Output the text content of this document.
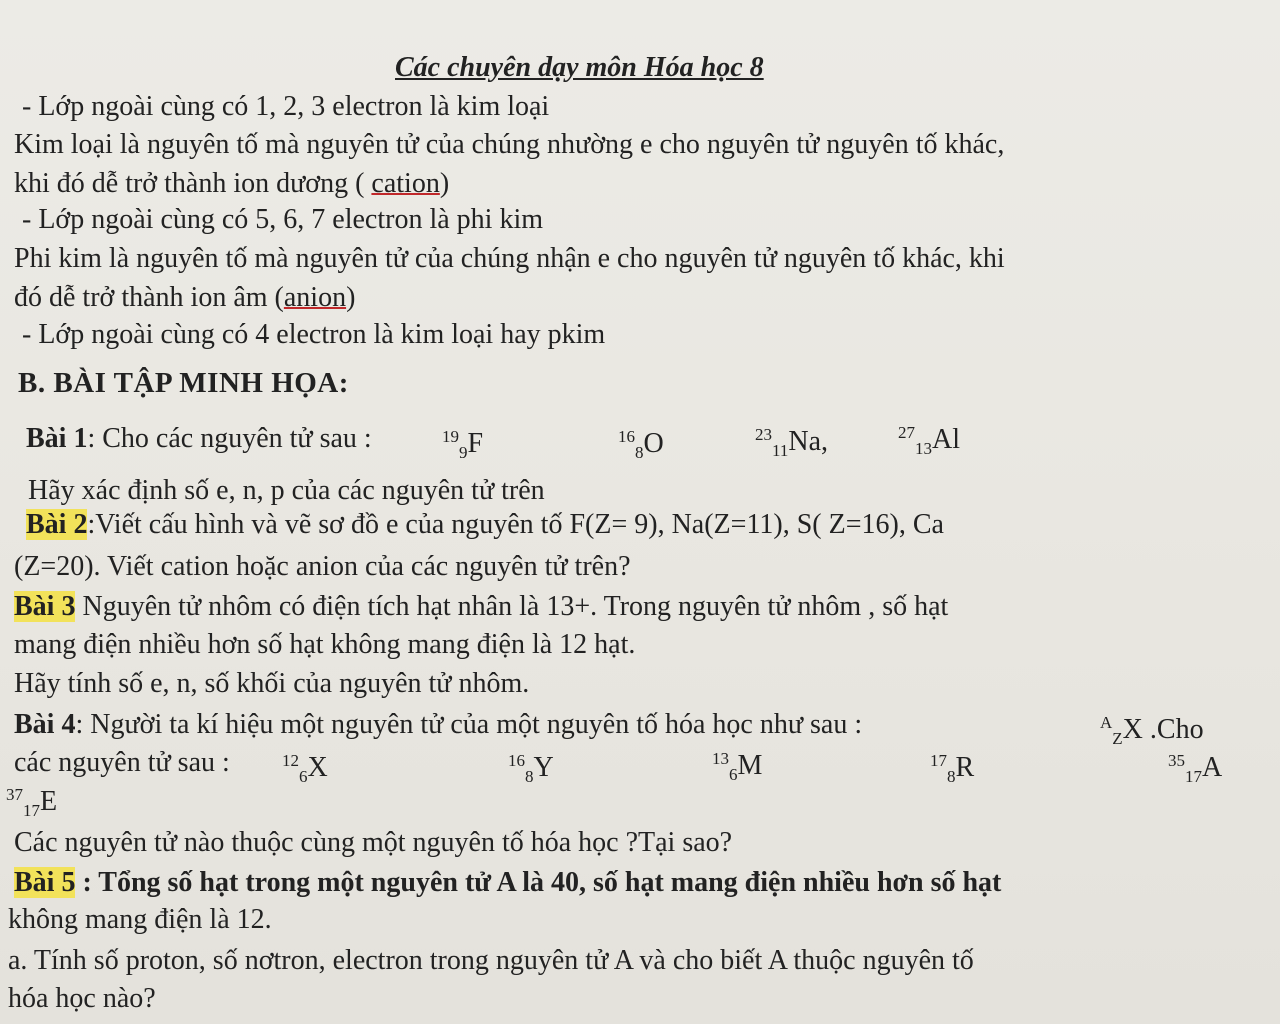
Các chuyên dạy môn Hóa học 8
- Lớp ngoài cùng có 1, 2, 3 electron là kim loại
Kim loại là nguyên tố mà nguyên tử của chúng nhường e cho nguyên tử nguyên tố khác,
khi đó dễ trở thành ion dương ( cation)
- Lớp ngoài cùng có 5, 6, 7 electron là phi kim
Phi kim là nguyên tố mà nguyên tử của chúng nhận e cho nguyên tử nguyên tố khác, khi
đó dễ trở thành ion âm (anion)
- Lớp ngoài cùng có 4 electron là kim loại hay pkim
B. BÀI TẬP MINH HỌA:
Bài 1: Cho các nguyên tử sau :	$^{19}_9$F	$^{16}_8$O	$^{23}_{11}$Na,	$^{27}_{13}$Al
Hãy xác định số e, n, p của các nguyên tử trên
Bài 2:Viết cấu hình và vẽ sơ đồ e của nguyên tố F(Z= 9), Na(Z=11), S( Z=16), Ca
(Z=20). Viết cation hoặc anion của các nguyên tử trên?
Bài 3 Nguyên tử nhôm có điện tích hạt nhân là 13+. Trong nguyên tử nhôm , số hạt
mang điện nhiều hơn số hạt không mang điện là 12 hạt.
Hãy tính số e, n, số khối của nguyên tử nhôm.
Bài 4: Người ta kí hiệu một nguyên tử của một nguyên tố hóa học như sau :	$^A_Z$X .Cho
các nguyên tử sau :	$^{12}_6$X	$^{16}_8$Y	$^{13}_6$M	$^{17}_8$R	$^{35}_{17}$A
$^{37}_{17}$E
Các nguyên tử nào thuộc cùng một nguyên tố hóa học ?Tại sao?
Bài 5 : Tổng số hạt trong một nguyên tử A là 40, số hạt mang điện nhiều hơn số hạt
không mang điện là 12.
a. Tính số proton, số nơtron, electron trong nguyên tử A và cho biết A thuộc nguyên tố
hóa học nào?
